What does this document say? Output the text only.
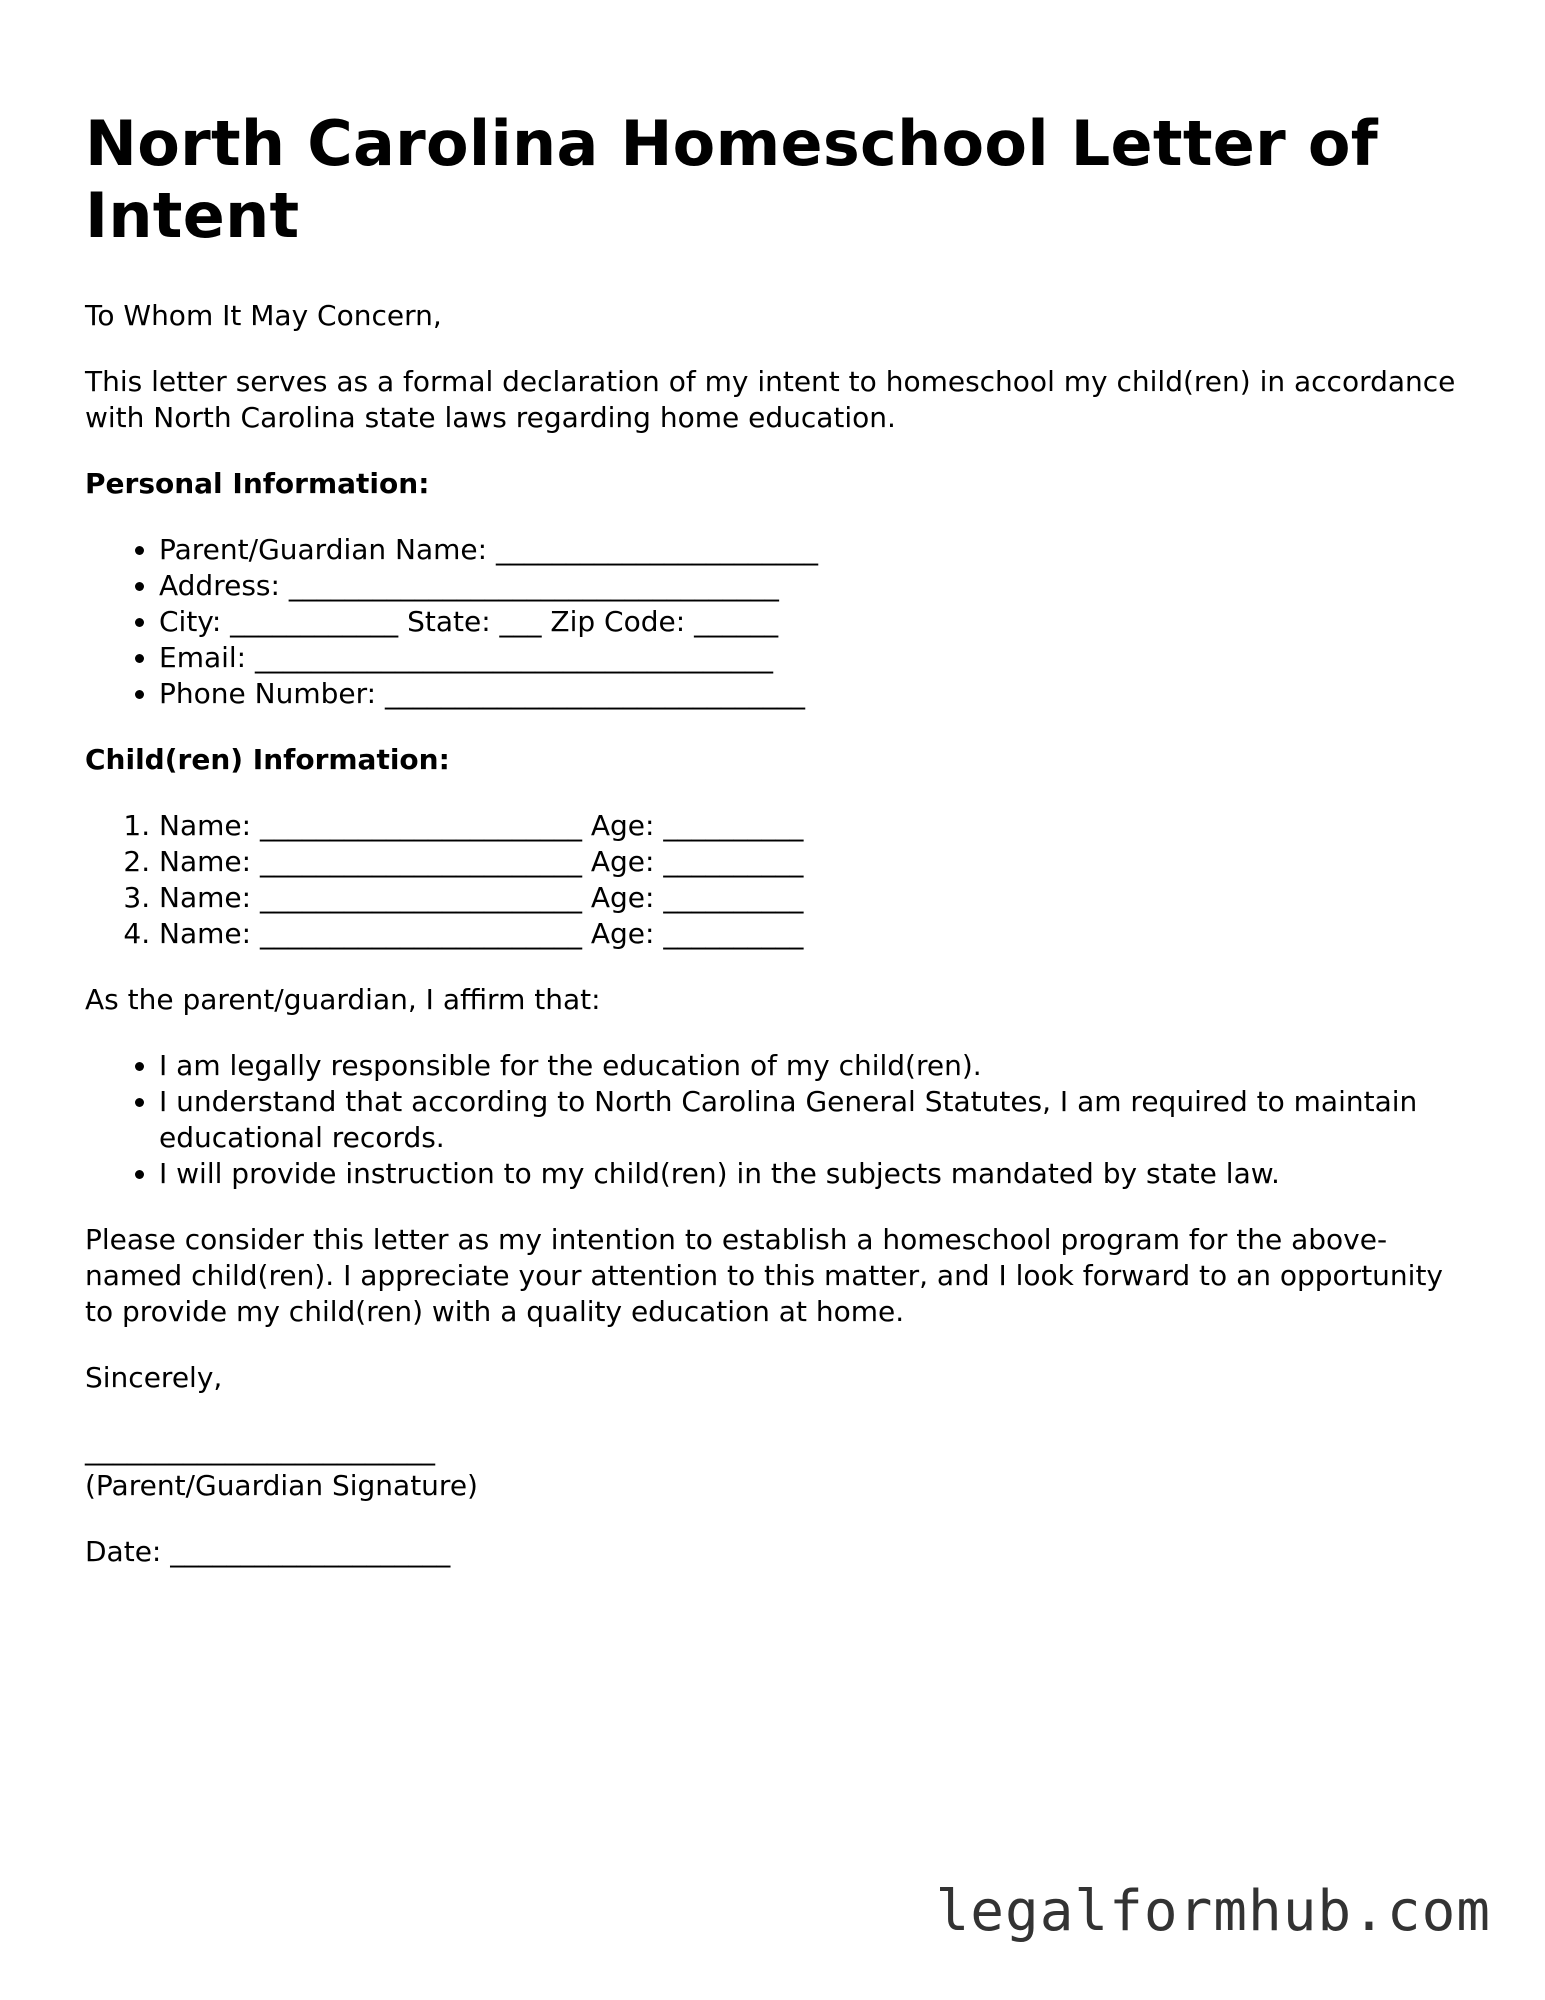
North Carolina Homeschool Letter of Intent

To Whom It May Concern,

This letter serves as a formal declaration of my intent to homeschool my child(ren) in accordance with North Carolina state laws regarding home education.

Personal Information:

• Parent/Guardian Name: _______________________
• Address: ___________________________________
• City: ____________ State: ___ Zip Code: ______
• Email: _____________________________________
• Phone Number: ______________________________

Child(ren) Information:

1. Name: _______________________ Age: __________
2. Name: _______________________ Age: __________
3. Name: _______________________ Age: __________
4. Name: _______________________ Age: __________

As the parent/guardian, I affirm that:

• I am legally responsible for the education of my child(ren).
• I understand that according to North Carolina General Statutes, I am required to maintain educational records.
• I will provide instruction to my child(ren) in the subjects mandated by state law.

Please consider this letter as my intention to establish a homeschool program for the above-named child(ren). I appreciate your attention to this matter, and I look forward to an opportunity to provide my child(ren) with a quality education at home.

Sincerely,

_________________________

(Parent/Guardian Signature)

Date: ____________________

legalformhub.com
